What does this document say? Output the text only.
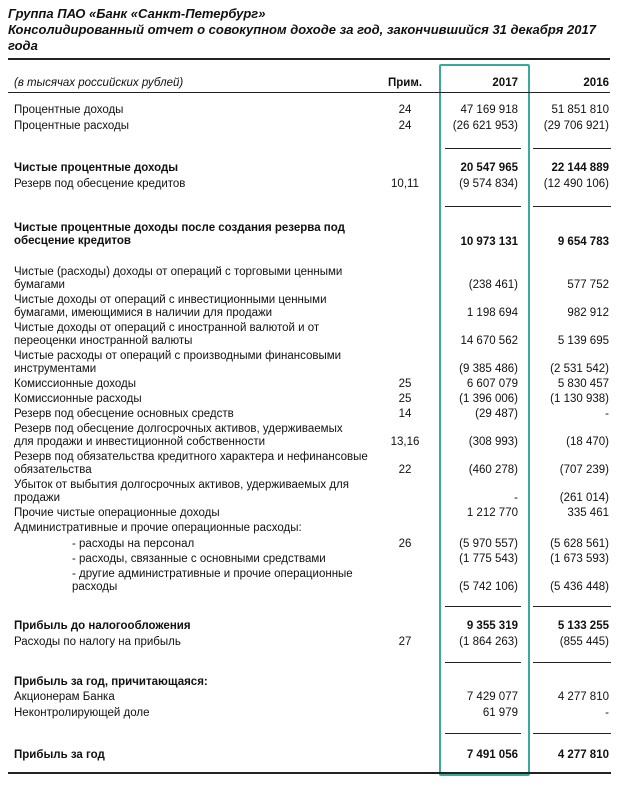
Группа ПАО «Банк «Санкт-Петербург»
Консолидированный отчет о совокупном доходе за год, закончившийся 31 декабря 2017
года
(в тысячах российских рублей)	Прим.	2017	2016
Процентные доходы	24	47 169 918	51 851 810
Процентные расходы	24	(26 621 953)	(29 706 921)
Чистые процентные доходы	20 547 965	22 144 889
Резерв под обесцение кредитов	10,11	(9 574 834)	(12 490 106)
Чистые процентные доходы после создания резерва под обесцение кредитов	10 973 131	9 654 783
Чистые (расходы) доходы от операций с торговыми ценными бумагами	(238 461)	577 752
Чистые доходы от операций с инвестиционными ценными бумагами, имеющимися в наличии для продажи	1 198 694	982 912
Чистые доходы от операций с иностранной валютой и от переоценки иностранной валюты	14 670 562	5 139 695
Чистые расходы от операций с производными финансовыми инструментами	(9 385 486)	(2 531 542)
Комиссионные доходы	25	6 607 079	5 830 457
Комиссионные расходы	25	(1 396 006)	(1 130 938)
Резерв под обесцение основных средств	14	(29 487)	-
Резерв под обесцение долгосрочных активов, удерживаемых для продажи и инвестиционной собственности	13,16	(308 993)	(18 470)
Резерв под обязательства кредитного характера и нефинансовые обязательства	22	(460 278)	(707 239)
Убыток от выбытия долгосрочных активов, удерживаемых для продажи	-	(261 014)
Прочие чистые операционные доходы	1 212 770	335 461
Административные и прочие операционные расходы:
- расходы на персонал	26	(5 970 557)	(5 628 561)
- расходы, связанные с основными средствами	(1 775 543)	(1 673 593)
- другие административные и прочие операционные расходы	(5 742 106)	(5 436 448)
Прибыль до налогообложения	9 355 319	5 133 255
Расходы по налогу на прибыль	27	(1 864 263)	(855 445)
Прибыль за год, причитающаяся:
Акционерам Банка	7 429 077	4 277 810
Неконтролирующей доле	61 979	-
Прибыль за год	7 491 056	4 277 810
